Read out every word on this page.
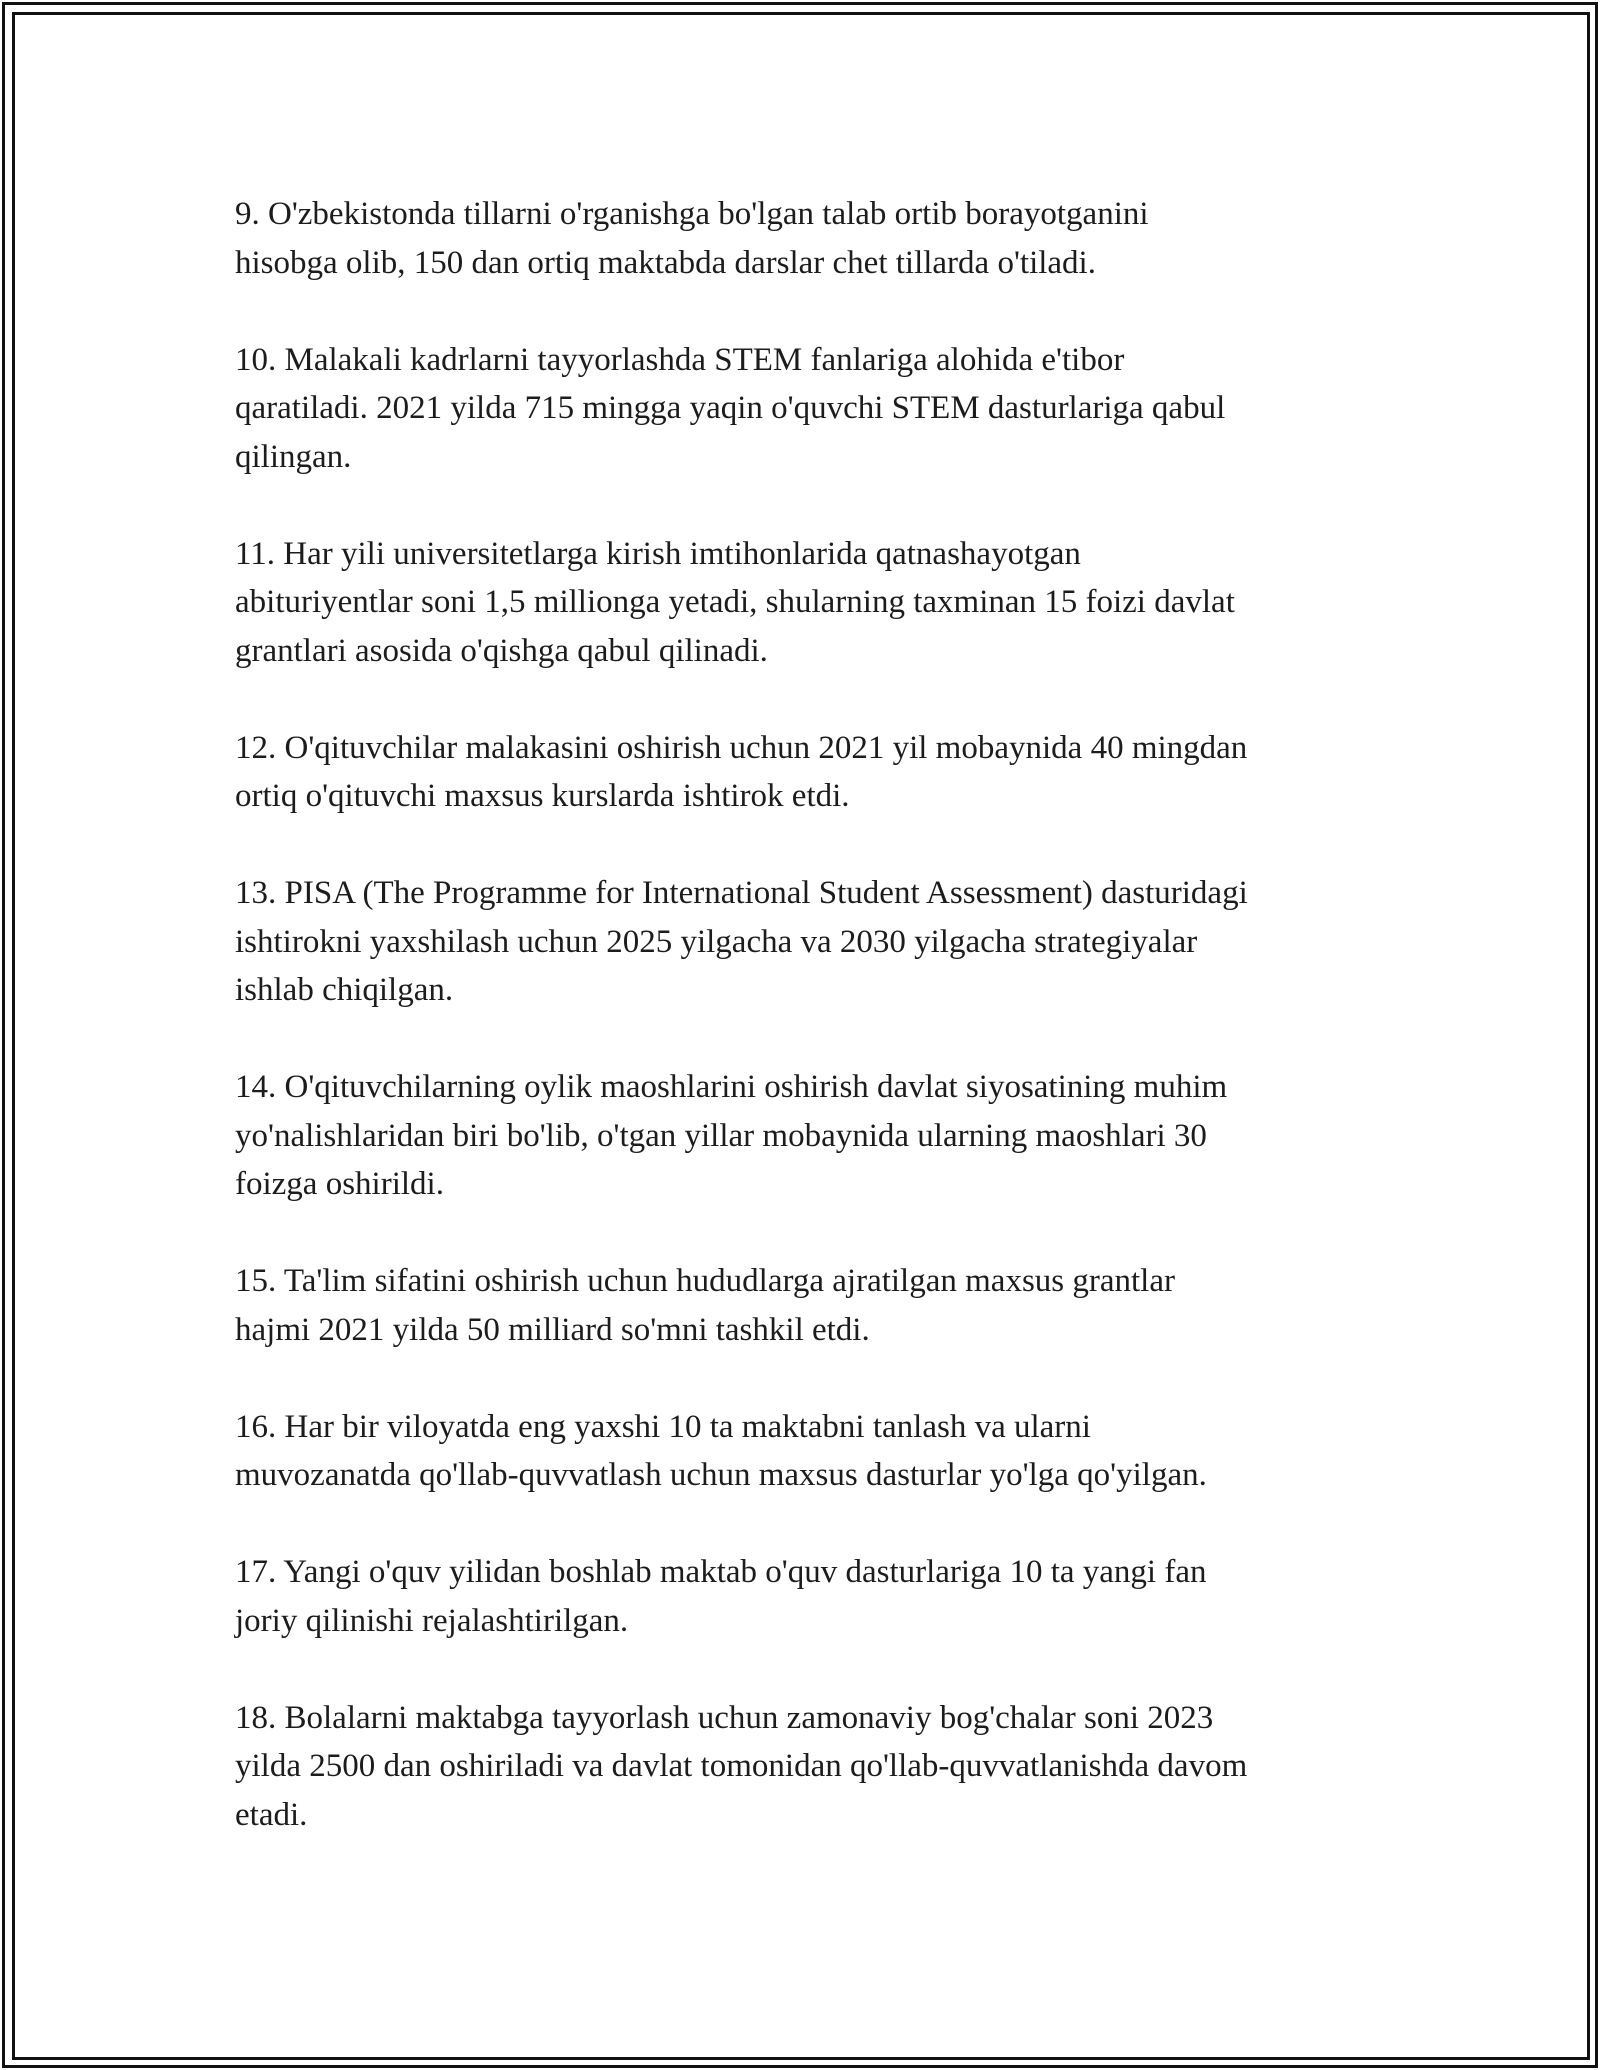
9. O'zbekistonda tillarni o'rganishga bo'lgan talab ortib borayotganini
hisobga olib, 150 dan ortiq maktabda darslar chet tillarda o'tiladi.

10. Malakali kadrlarni tayyorlashda STEM fanlariga alohida e'tibor
qaratiladi. 2021 yilda 715 mingga yaqin o'quvchi STEM dasturlariga qabul
qilingan.

11. Har yili universitetlarga kirish imtihonlarida qatnashayotgan
abituriyentlar soni 1,5 millionga yetadi, shularning taxminan 15 foizi davlat
grantlari asosida o'qishga qabul qilinadi.

12. O'qituvchilar malakasini oshirish uchun 2021 yil mobaynida 40 mingdan
ortiq o'qituvchi maxsus kurslarda ishtirok etdi.

13. PISA (The Programme for International Student Assessment) dasturidagi
ishtirokni yaxshilash uchun 2025 yilgacha va 2030 yilgacha strategiyalar
ishlab chiqilgan.

14. O'qituvchilarning oylik maoshlarini oshirish davlat siyosatining muhim
yo'nalishlaridan biri bo'lib, o'tgan yillar mobaynida ularning maoshlari 30
foizga oshirildi.

15. Ta'lim sifatini oshirish uchun hududlarga ajratilgan maxsus grantlar
hajmi 2021 yilda 50 milliard so'mni tashkil etdi.

16. Har bir viloyatda eng yaxshi 10 ta maktabni tanlash va ularni
muvozanatda qo'llab-quvvatlash uchun maxsus dasturlar yo'lga qo'yilgan.

17. Yangi o'quv yilidan boshlab maktab o'quv dasturlariga 10 ta yangi fan
joriy qilinishi rejalashtirilgan.

18. Bolalarni maktabga tayyorlash uchun zamonaviy bog'chalar soni 2023
yilda 2500 dan oshiriladi va davlat tomonidan qo'llab-quvvatlanishda davom
etadi.
